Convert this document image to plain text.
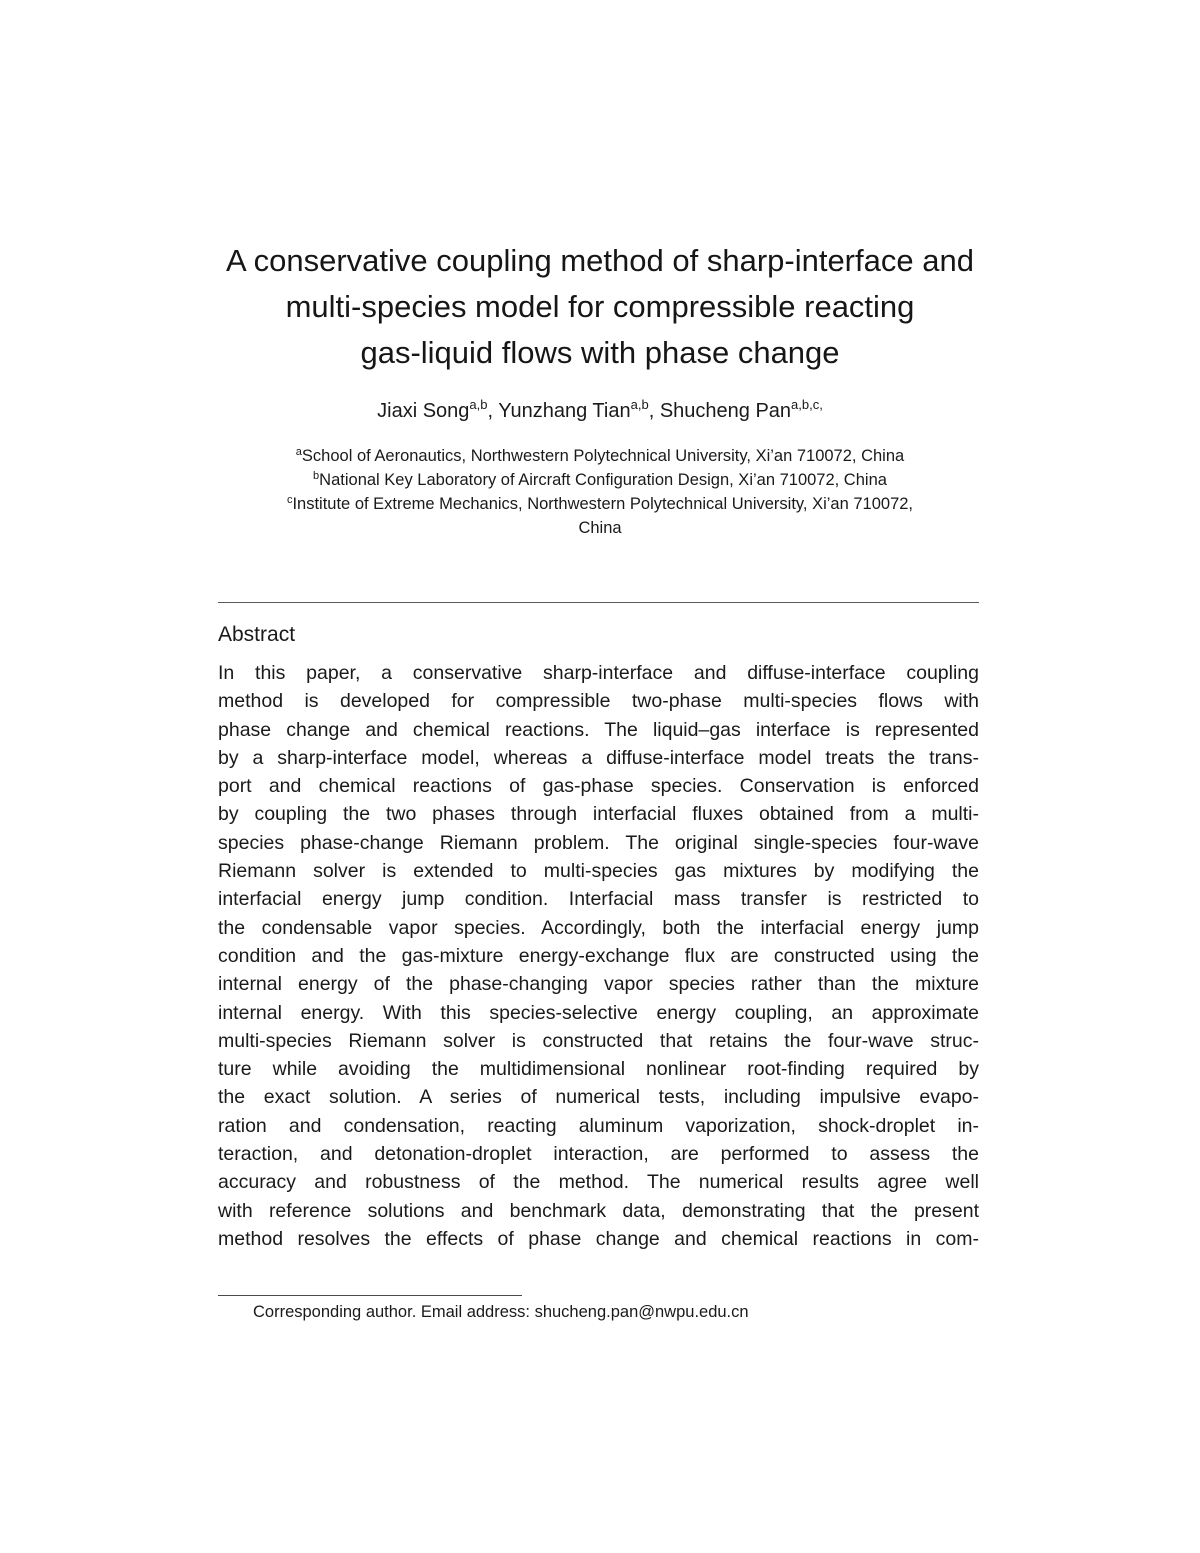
A conservative coupling method of sharp-interface and
multi-species model for compressible reacting
gas-liquid flows with phase change
Jiaxi Song$^{a,b}$, Yunzhang Tian$^{a,b}$, Shucheng Pan$^{a,b,c,}$
$^a$School of Aeronautics, Northwestern Polytechnical University, Xi’an 710072, China
$^b$National Key Laboratory of Aircraft Configuration Design, Xi’an 710072, China
$^c$Institute of Extreme Mechanics, Northwestern Polytechnical University, Xi’an 710072,
China
Abstract
In this paper, a conservative sharp-interface and diffuse-interface coupling
method is developed for compressible two-phase multi-species flows with
phase change and chemical reactions. The liquid–gas interface is represented
by a sharp-interface model, whereas a diffuse-interface model treats the trans-
port and chemical reactions of gas-phase species. Conservation is enforced
by coupling the two phases through interfacial fluxes obtained from a multi-
species phase-change Riemann problem. The original single-species four-wave
Riemann solver is extended to multi-species gas mixtures by modifying the
interfacial energy jump condition. Interfacial mass transfer is restricted to
the condensable vapor species. Accordingly, both the interfacial energy jump
condition and the gas-mixture energy-exchange flux are constructed using the
internal energy of the phase-changing vapor species rather than the mixture
internal energy. With this species-selective energy coupling, an approximate
multi-species Riemann solver is constructed that retains the four-wave struc-
ture while avoiding the multidimensional nonlinear root-finding required by
the exact solution. A series of numerical tests, including impulsive evapo-
ration and condensation, reacting aluminum vaporization, shock-droplet in-
teraction, and detonation-droplet interaction, are performed to assess the
accuracy and robustness of the method. The numerical results agree well
with reference solutions and benchmark data, demonstrating that the present
method resolves the effects of phase change and chemical reactions in com-
Corresponding author. Email address: shucheng.pan@nwpu.edu.cn
